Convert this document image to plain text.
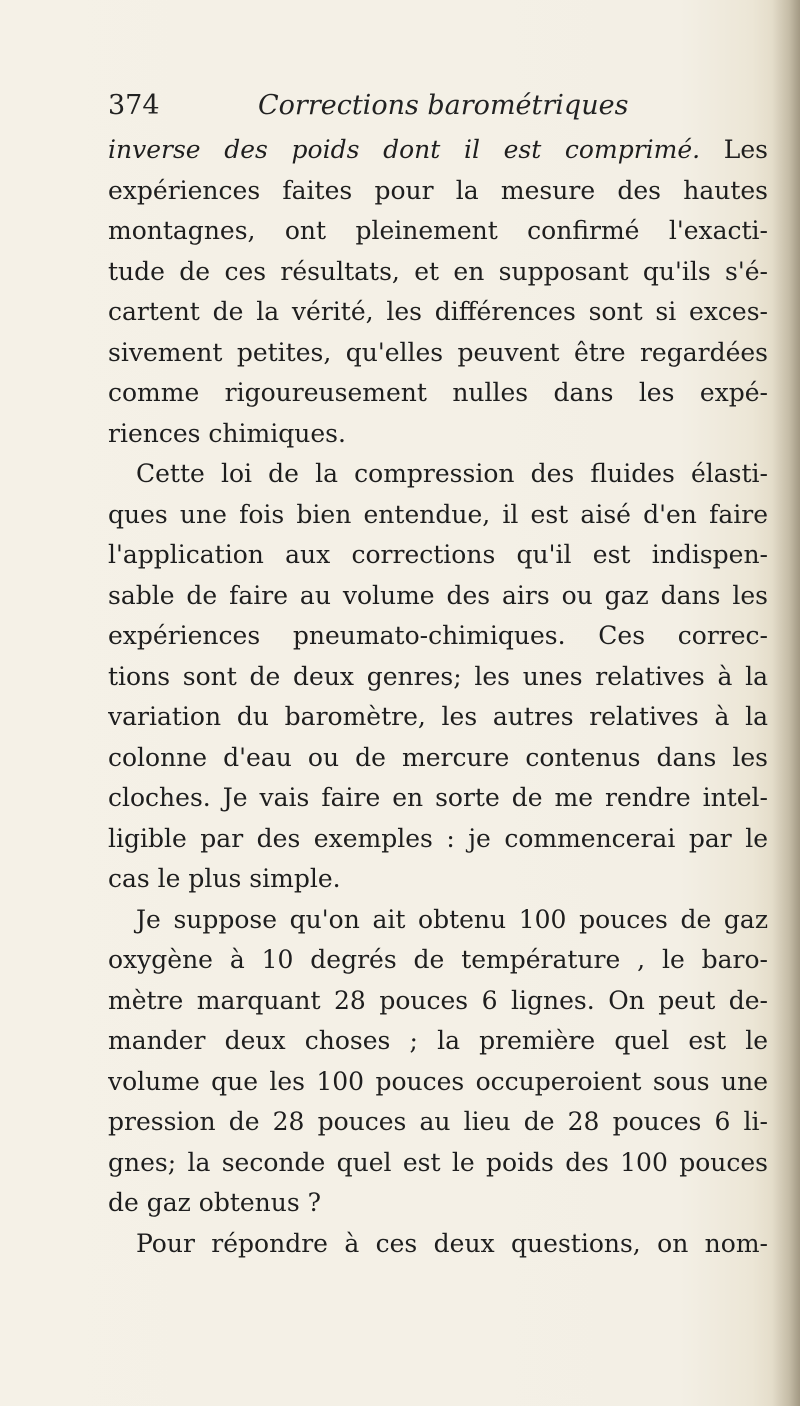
374	Corrections barométriques
inverse des poids dont il est comprimé. Les
expériences faites pour la mesure des hautes
montagnes, ont pleinement confirmé l'exacti-
tude de ces résultats, et en supposant qu'ils s'é-
cartent de la vérité, les différences sont si exces-
sivement petites, qu'elles peuvent être regardées
comme rigoureusement nulles dans les expé-
riences chimiques.
Cette loi de la compression des fluides élasti-
ques une fois bien entendue, il est aisé d'en faire
l'application aux corrections qu'il est indispen-
sable de faire au volume des airs ou gaz dans les
expériences pneumato-chimiques. Ces correc-
tions sont de deux genres; les unes relatives à la
variation du baromètre, les autres relatives à la
colonne d'eau ou de mercure contenus dans les
cloches. Je vais faire en sorte de me rendre intel-
ligible par des exemples : je commencerai par le
cas le plus simple.
Je suppose qu'on ait obtenu 100 pouces de gaz
oxygène à 10 degrés de température , le baro-
mètre marquant 28 pouces 6 lignes. On peut de-
mander deux choses ; la première quel est le
volume que les 100 pouces occuperoient sous une
pression de 28 pouces au lieu de 28 pouces 6 li-
gnes; la seconde quel est le poids des 100 pouces
de gaz obtenus ?
Pour répondre à ces deux questions, on nom-
